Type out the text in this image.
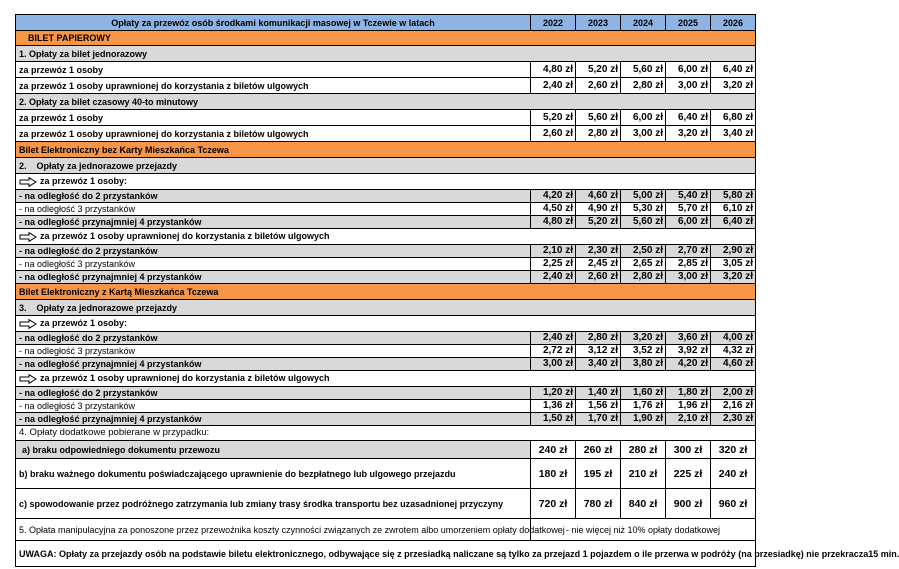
Opłaty za przewóz osób środkami komunikacji masowej w Tczewie w latach	2022	2023	2024	2025	2026
BILET PAPIEROWY					
1. Opłaty za bilet jednorazowy					
za przewóz 1 osoby	4,80 zł	5,20 zł	5,60 zł	6,00 zł	6,40 zł
za przewóz 1 osoby uprawnionej do korzystania z biletów ulgowych	2,40 zł	2,60 zł	2,80 zł	3,00 zł	3,20 zł
2. Opłaty za bilet czasowy 40-to minutowy					
za przewóz 1 osoby	5,20 zł	5,60 zł	6,00 zł	6,40 zł	6,80 zł
za przewóz 1 osoby uprawnionej do korzystania z biletów ulgowych	2,60 zł	2,80 zł	3,00 zł	3,20 zł	3,40 zł
Bilet Elektroniczny bez Karty Mieszkańca Tczewa					
2.    Opłaty za jednorazowe przejazdy					
za przewóz 1 osoby:					
- na odległość do 2 przystanków	4,20 zł	4,60 zł	5,00 zł	5,40 zł	5,80 zł
- na odległość 3 przystanków	4,50 zł	4,90 zł	5,30 zł	5,70 zł	6,10 zł
- na odległość przynajmniej 4 przystanków	4,80 zł	5,20 zł	5,60 zł	6,00 zł	6,40 zł
za przewóz 1 osoby uprawnionej do korzystania z biletów ulgowych					
- na odległość do 2 przystanków	2,10 zł	2,30 zł	2,50 zł	2,70 zł	2,90 zł
- na odległość 3 przystanków	2,25 zł	2,45 zł	2,65 zł	2,85 zł	3,05 zł
- na odległość przynajmniej 4 przystanków	2,40 zł	2,60 zł	2,80 zł	3,00 zł	3,20 zł
Bilet Elektroniczny z Kartą Mieszkańca Tczewa					
3.    Opłaty za jednorazowe przejazdy					
za przewóz 1 osoby:					
- na odległość do 2 przystanków	2,40 zł	2,80 zł	3,20 zł	3,60 zł	4,00 zł
- na odległość 3 przystanków	2,72 zł	3,12 zł	3,52 zł	3,92 zł	4,32 zł
- na odległość przynajmniej 4 przystanków	3,00 zł	3,40 zł	3,80 zł	4,20 zł	4,60 zł
za przewóz 1 osoby uprawnionej do korzystania z biletów ulgowych					
- na odległość do 2 przystanków	1,20 zł	1,40 zł	1,60 zł	1,80 zł	2,00 zł
- na odległość 3 przystanków	1,36 zł	1,56 zł	1,76 zł	1,96 zł	2,16 zł
- na odległość przynajmniej 4 przystanków	1,50 zł	1,70 zł	1,90 zł	2,10 zł	2,30 zł
4. Opłaty dodatkowe pobierane w przypadku:					
a) braku odpowiedniego dokumentu przewozu	240 zł	260 zł	280 zł	300 zł	320 zł
b) braku ważnego dokumentu poświadczającego uprawnienie do bezpłatnego lub ulgowego przejazdu	180 zł	195 zł	210 zł	225 zł	240 zł
c) spowodowanie przez podróżnego zatrzymania lub zmiany trasy środka transportu bez uzasadnionej przyczyny	720 zł	780 zł	840 zł	900 zł	960 zł
5. Opłata manipulacyjna za ponoszone przez przewoźnika koszty czynności związanych ze zwrotem albo umorzeniem opłaty dodatkowej	- nie więcej niż 10% opłaty dodatkowej				
UWAGA: Opłaty za przejazdy osób na podstawie biletu elektronicznego, odbywające się z przesiadką naliczane są tylko za przejazd 1 pojazdem o ile przerwa w podróży (na przesiadkę) nie przekracza15 min.					
